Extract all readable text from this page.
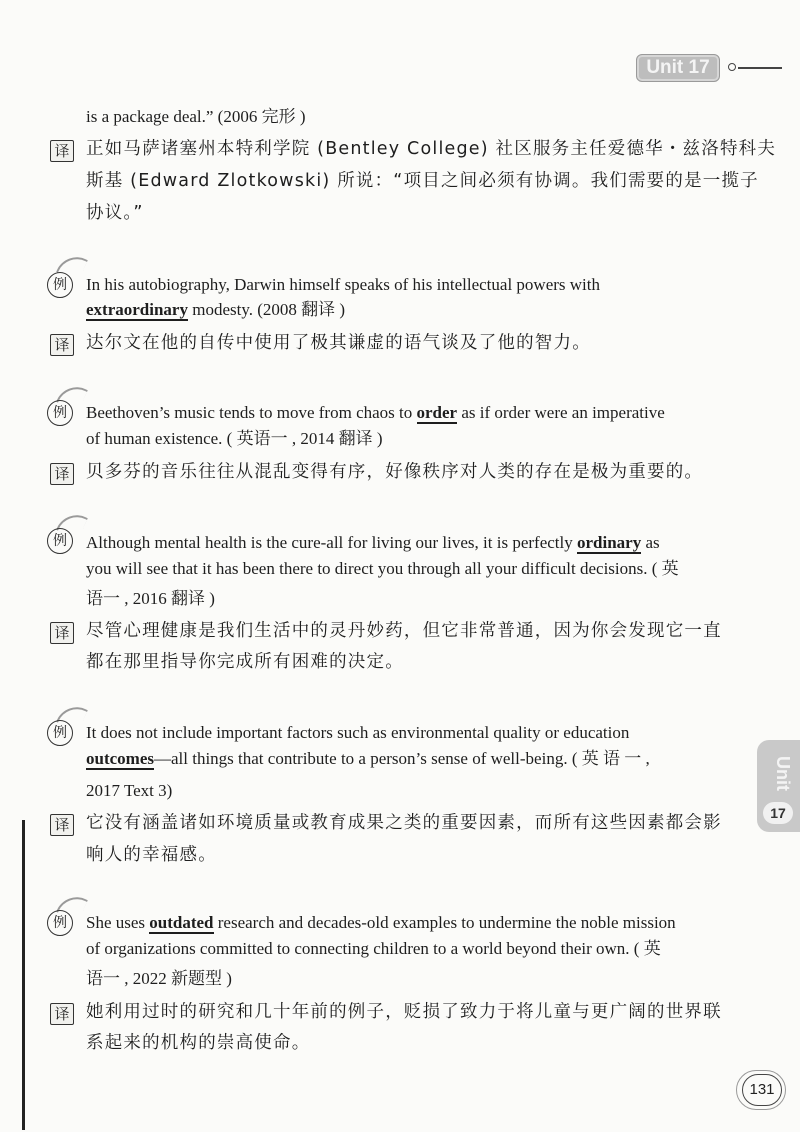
Unit 17
Unit
17
is a package deal.” (2006 完形 )
译 正如马萨诸塞州本特利学院 (Bentley College) 社区服务主任爱德华・兹洛特科夫
斯基 (Edward Zlotkowski) 所说：“项目之间必须有协调。我们需要的是一揽子
协议。”
例	In his autobiography, Darwin himself speaks of his intellectual powers with
extraordinary modesty. (2008 翻译 )
译 达尔文在他的自传中使用了极其谦虚的语气谈及了他的智力。
例	Beethoven’s music tends to move from chaos to order as if order were an imperative
of human existence. ( 英语一 , 2014 翻译 )
译 贝多芬的音乐往往从混乱变得有序，好像秩序对人类的存在是极为重要的。
例	Although mental health is the cure-all for living our lives, it is perfectly ordinary as
you will see that it has been there to direct you through all your difficult decisions. ( 英
语一 , 2016 翻译 )
译 尽管心理健康是我们生活中的灵丹妙药，但它非常普通，因为你会发现它一直
都在那里指导你完成所有困难的决定。
例	It does not include important factors such as environmental quality or education
outcomes—all things that contribute to a person’s sense of well-being. ( 英 语 一 ,
2017 Text 3)
译 它没有涵盖诸如环境质量或教育成果之类的重要因素，而所有这些因素都会影
响人的幸福感。
例	She uses outdated research and decades-old examples to undermine the noble mission
of organizations committed to connecting children to a world beyond their own. ( 英
语一 , 2022 新题型 )
译 她利用过时的研究和几十年前的例子，贬损了致力于将儿童与更广阔的世界联
系起来的机构的崇高使命。
131
